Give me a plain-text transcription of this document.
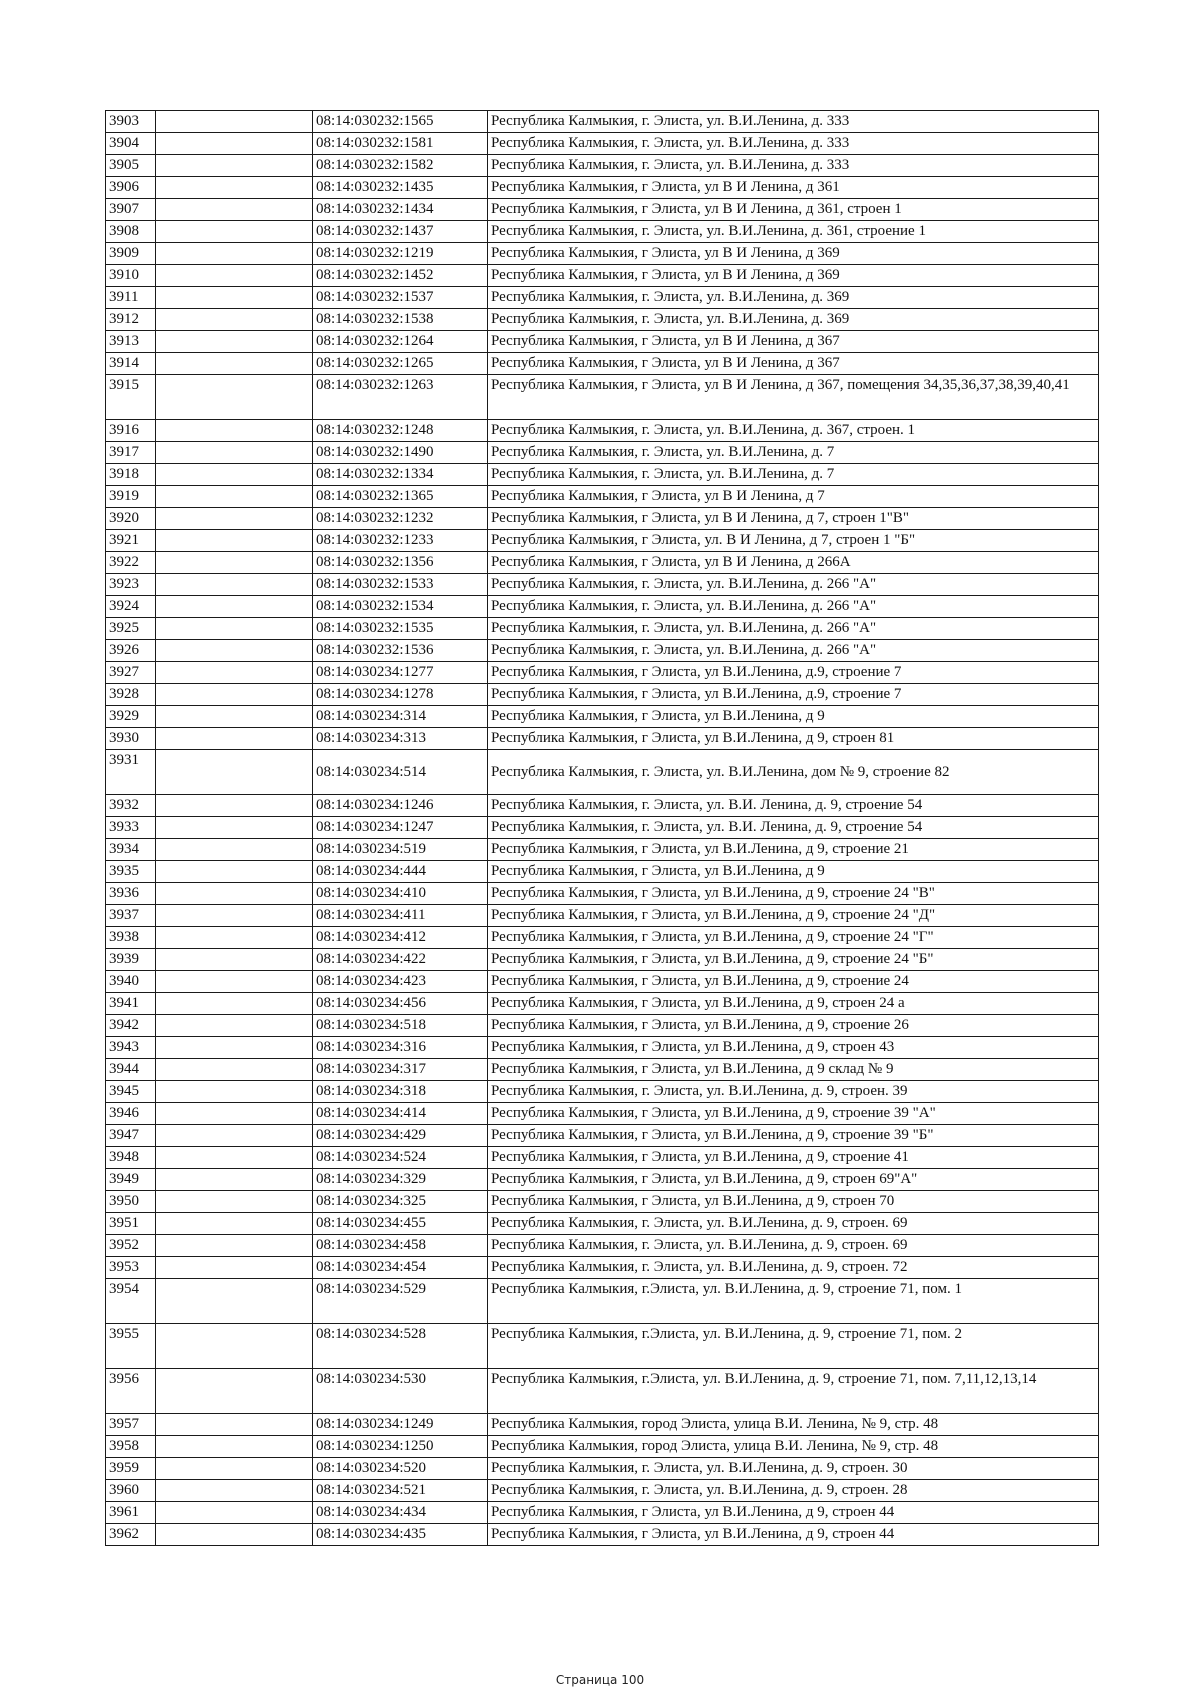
3903		08:14:030232:1565	Республика Калмыкия, г. Элиста, ул. В.И.Ленина, д. 333
3904		08:14:030232:1581	Республика Калмыкия, г. Элиста, ул. В.И.Ленина, д. 333
3905		08:14:030232:1582	Республика Калмыкия, г. Элиста, ул. В.И.Ленина, д. 333
3906		08:14:030232:1435	Республика Калмыкия, г Элиста, ул В И Ленина, д 361
3907		08:14:030232:1434	Республика Калмыкия, г Элиста, ул В И Ленина, д 361, строен 1
3908		08:14:030232:1437	Республика Калмыкия, г. Элиста, ул. В.И.Ленина, д. 361, строение 1
3909		08:14:030232:1219	Республика Калмыкия, г Элиста, ул В И Ленина, д 369
3910		08:14:030232:1452	Республика Калмыкия, г Элиста, ул В И Ленина, д 369
3911		08:14:030232:1537	Республика Калмыкия, г. Элиста, ул. В.И.Ленина, д. 369
3912		08:14:030232:1538	Республика Калмыкия, г. Элиста, ул. В.И.Ленина, д. 369
3913		08:14:030232:1264	Республика Калмыкия, г Элиста, ул В И Ленина, д 367
3914		08:14:030232:1265	Республика Калмыкия, г Элиста, ул В И Ленина, д 367
3915		08:14:030232:1263	Республика Калмыкия, г Элиста, ул В И Ленина, д 367, помещения 34,35,36,37,38,39,40,41
3916		08:14:030232:1248	Республика Калмыкия, г. Элиста, ул. В.И.Ленина, д. 367, строен. 1
3917		08:14:030232:1490	Республика Калмыкия, г. Элиста, ул. В.И.Ленина, д. 7
3918		08:14:030232:1334	Республика Калмыкия, г. Элиста, ул. В.И.Ленина, д. 7
3919		08:14:030232:1365	Республика Калмыкия, г Элиста, ул В И Ленина, д 7
3920		08:14:030232:1232	Республика Калмыкия, г Элиста, ул В И Ленина, д 7, строен 1"В"
3921		08:14:030232:1233	Республика Калмыкия, г Элиста, ул. В И Ленина, д 7, строен 1 "Б"
3922		08:14:030232:1356	Республика Калмыкия, г Элиста, ул В И Ленина, д 266А
3923		08:14:030232:1533	Республика Калмыкия, г. Элиста, ул. В.И.Ленина, д. 266 "А"
3924		08:14:030232:1534	Республика Калмыкия, г. Элиста, ул. В.И.Ленина, д. 266 "А"
3925		08:14:030232:1535	Республика Калмыкия, г. Элиста, ул. В.И.Ленина, д. 266 "А"
3926		08:14:030232:1536	Республика Калмыкия, г. Элиста, ул. В.И.Ленина, д. 266 "А"
3927		08:14:030234:1277	Республика Калмыкия, г Элиста, ул В.И.Ленина, д.9, строение 7
3928		08:14:030234:1278	Республика Калмыкия, г Элиста, ул В.И.Ленина, д.9, строение 7
3929		08:14:030234:314	Республика Калмыкия, г Элиста, ул В.И.Ленина, д 9
3930		08:14:030234:313	Республика Калмыкия, г Элиста, ул В.И.Ленина, д 9, строен 81
3931		08:14:030234:514	Республика Калмыкия, г. Элиста, ул. В.И.Ленина, дом № 9, строение 82
3932		08:14:030234:1246	Республика Калмыкия, г. Элиста, ул. В.И. Ленина, д. 9, строение 54
3933		08:14:030234:1247	Республика Калмыкия, г. Элиста, ул. В.И. Ленина, д. 9, строение 54
3934		08:14:030234:519	Республика Калмыкия, г Элиста, ул В.И.Ленина, д 9, строение 21
3935		08:14:030234:444	Республика Калмыкия, г Элиста, ул В.И.Ленина, д 9
3936		08:14:030234:410	Республика Калмыкия, г Элиста, ул В.И.Ленина, д 9, строение 24 "В"
3937		08:14:030234:411	Республика Калмыкия, г Элиста, ул В.И.Ленина, д 9, строение 24 "Д"
3938		08:14:030234:412	Республика Калмыкия, г Элиста, ул В.И.Ленина, д 9, строение 24 "Г"
3939		08:14:030234:422	Республика Калмыкия, г Элиста, ул В.И.Ленина, д 9, строение 24 "Б"
3940		08:14:030234:423	Республика Калмыкия, г Элиста, ул В.И.Ленина, д 9, строение 24
3941		08:14:030234:456	Республика Калмыкия, г Элиста, ул В.И.Ленина, д 9, строен 24 а
3942		08:14:030234:518	Республика Калмыкия, г Элиста, ул В.И.Ленина, д 9, строение 26
3943		08:14:030234:316	Республика Калмыкия, г Элиста, ул В.И.Ленина, д 9, строен 43
3944		08:14:030234:317	Республика Калмыкия, г Элиста, ул В.И.Ленина, д 9 склад № 9
3945		08:14:030234:318	Республика Калмыкия, г. Элиста, ул. В.И.Ленина, д. 9, строен. 39
3946		08:14:030234:414	Республика Калмыкия, г Элиста, ул В.И.Ленина, д 9, строение 39 "А"
3947		08:14:030234:429	Республика Калмыкия, г Элиста, ул В.И.Ленина, д 9, строение 39 "Б"
3948		08:14:030234:524	Республика Калмыкия, г Элиста, ул В.И.Ленина, д 9, строение 41
3949		08:14:030234:329	Республика Калмыкия, г Элиста, ул В.И.Ленина, д 9, строен 69"А"
3950		08:14:030234:325	Республика Калмыкия, г Элиста, ул В.И.Ленина, д 9, строен 70
3951		08:14:030234:455	Республика Калмыкия, г. Элиста, ул. В.И.Ленина, д. 9, строен. 69
3952		08:14:030234:458	Республика Калмыкия, г. Элиста, ул. В.И.Ленина, д. 9, строен. 69
3953		08:14:030234:454	Республика Калмыкия, г. Элиста, ул. В.И.Ленина, д. 9, строен. 72
3954		08:14:030234:529	Республика Калмыкия, г.Элиста, ул. В.И.Ленина, д. 9, строение 71, пом. 1
3955		08:14:030234:528	Республика Калмыкия, г.Элиста, ул. В.И.Ленина, д. 9, строение 71, пом. 2
3956		08:14:030234:530	Республика Калмыкия, г.Элиста, ул. В.И.Ленина, д. 9, строение 71, пом. 7,11,12,13,14
3957		08:14:030234:1249	Республика Калмыкия, город Элиста, улица В.И. Ленина, № 9, стр. 48
3958		08:14:030234:1250	Республика Калмыкия, город Элиста, улица В.И. Ленина, № 9, стр. 48
3959		08:14:030234:520	Республика Калмыкия, г. Элиста, ул. В.И.Ленина, д. 9, строен. 30
3960		08:14:030234:521	Республика Калмыкия, г. Элиста, ул. В.И.Ленина, д. 9, строен. 28
3961		08:14:030234:434	Республика Калмыкия, г Элиста, ул В.И.Ленина, д 9, строен 44
3962		08:14:030234:435	Республика Калмыкия, г Элиста, ул В.И.Ленина, д 9, строен 44
Страница 100
